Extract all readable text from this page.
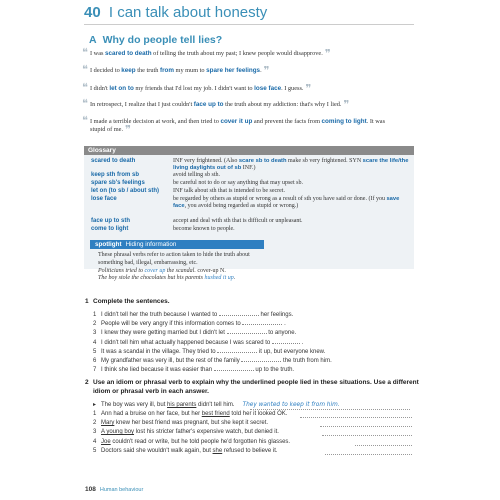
40 I can talk about honesty
A Why do people tell lies?
❝ I was scared to death of telling the truth about my past; I knew people would disapprove. ❞
❝ I decided to keep the truth from my mum to spare her feelings. ❞
❝ I didn't let on to my friends that I'd lost my job. I didn't want to lose face. I guess. ❞
❝ In retrospect, I realize that I just couldn't face up to the truth about my addiction: that's why I lied. ❞
❝ I made a terrible decision at work, and then tried to cover it up and prevent the facts from coming to light. It was stupid of me. ❞
Glossary
scared to death	INF very frightened. (Also scare sb to death make sb very frightened. SYN scare the life/the living daylights out of sb INF.)
keep sth from sb	avoid telling sb sth.
spare sb's feelings	be careful not to do or say anything that may upset sb.
let on (to sb / about sth) INF talk about sth that is intended to be secret.
lose face	be regarded by others as stupid or wrong as a result of sth you have said or done. (If you save face, you avoid being regarded as stupid or wrong.)
face up to sth	accept and deal with sth that is difficult or unpleasant.
come to light	become known to people.
spotlight Hiding information
These phrasal verbs refer to action taken to hide the truth about something bad, illegal, embarrassing, etc.
Politicians tried to cover up the scandal. cover-up N.
The boy stole the chocolates but his parents hushed it up.
1 Complete the sentences.
1 I didn't tell her the truth because I wanted to	her feelings.
2 People will be very angry if this information comes to	.
3 I knew they were getting married but I didn't let	to anyone.
4 I didn't tell him what actually happened because I was scared to	.
5 It was a scandal in the village. They tried to	it up, but everyone knew.
6 My grandfather was very ill, but the rest of the family	the truth from him.
7 I think she lied because it was easier than	up to the truth.
2 Use an idiom or phrasal verb to explain why the underlined people lied in these situations. Use a different idiom or phrasal verb in each answer.
▸ The boy was very ill, but his parents didn't tell him. They wanted to keep it from him.
1 Ann had a bruise on her face, but her best friend told her it looked OK.
2 Mary knew her best friend was pregnant, but she kept it secret.
3 A young boy lost his stricter father's expensive watch, but denied it.
4 Joe couldn't read or write, but he told people he'd forgotten his glasses.
5 Doctors said she wouldn't walk again, but she refused to believe it.
108 Human behaviour
